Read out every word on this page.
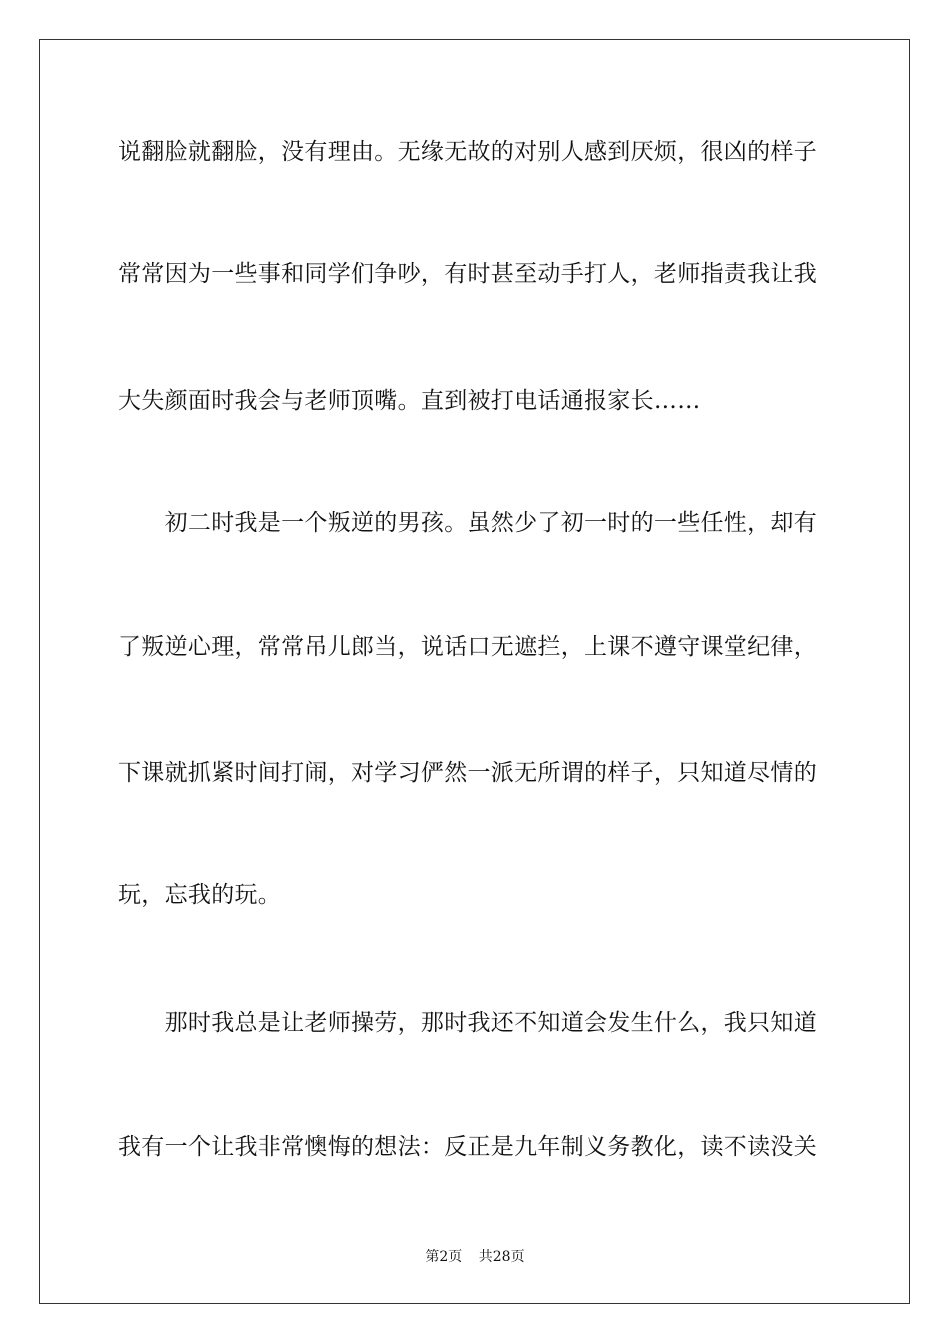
说翻脸就翻脸，没有理由。无缘无故的对别人感到厌烦，很凶的样子
常常因为一些事和同学们争吵，有时甚至动手打人，老师指责我让我
大失颜面时我会与老师顶嘴。直到被打电话通报家长……
　　初二时我是一个叛逆的男孩。虽然少了初一时的一些任性，却有
了叛逆心理，常常吊儿郎当，说话口无遮拦，上课不遵守课堂纪律，
下课就抓紧时间打闹，对学习俨然一派无所谓的样子，只知道尽情的
玩，忘我的玩。
　　那时我总是让老师操劳，那时我还不知道会发生什么，我只知道
我有一个让我非常懊悔的想法：反正是九年制义务教化，读不读没关
第2页 共28页
